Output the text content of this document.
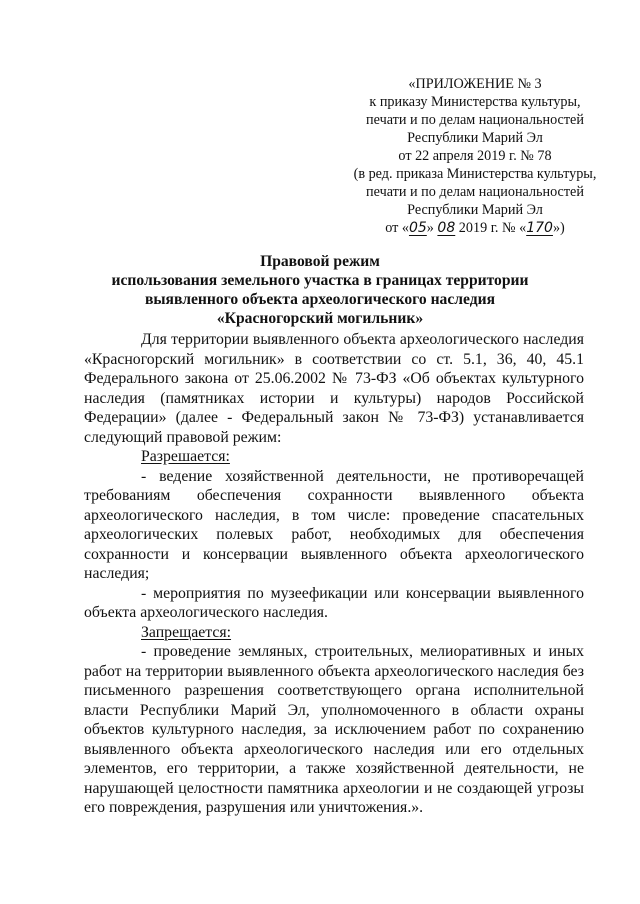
«ПРИЛОЖЕНИЕ № 3
к приказу Министерства культуры,
печати и по делам национальностей
Республики Марий Эл
от 22 апреля 2019 г. № 78
(в ред. приказа Министерства культуры,
печати и по делам национальностей
Республики Марий Эл
от «05» 08 2019 г. № «170»)
Правовой режим
использования земельного участка в границах территории
выявленного объекта археологического наследия
«Красногорский могильник»

Для территории выявленного объекта археологического наследия «Красногорский могильник» в соответствии со ст. 5.1, 36, 40, 45.1 Федерального закона от 25.06.2002 № 73-ФЗ «Об объектах культурного наследия (памятниках истории и культуры) народов Российской Федерации» (далее - Федеральный закон № 73-ФЗ) устанавливается следующий правовой режим:

Разрешается:

- ведение хозяйственной деятельности, не противоречащей требованиям обеспечения сохранности выявленного объекта археологического наследия, в том числе: проведение спасательных археологических полевых работ, необходимых для обеспечения сохранности и консервации выявленного объекта археологического наследия;

- мероприятия по музеефикации или консервации выявленного объекта археологического наследия.

Запрещается:

- проведение земляных, строительных, мелиоративных и иных работ на территории выявленного объекта археологического наследия без письменного разрешения соответствующего органа исполнительной власти Республики Марий Эл, уполномоченного в области охраны объектов культурного наследия, за исключением работ по сохранению выявленного объекта археологического наследия или его отдельных элементов, его территории, а также хозяйственной деятельности, не нарушающей целостности памятника археологии и не создающей угрозы его повреждения, разрушения или уничтожения.».
